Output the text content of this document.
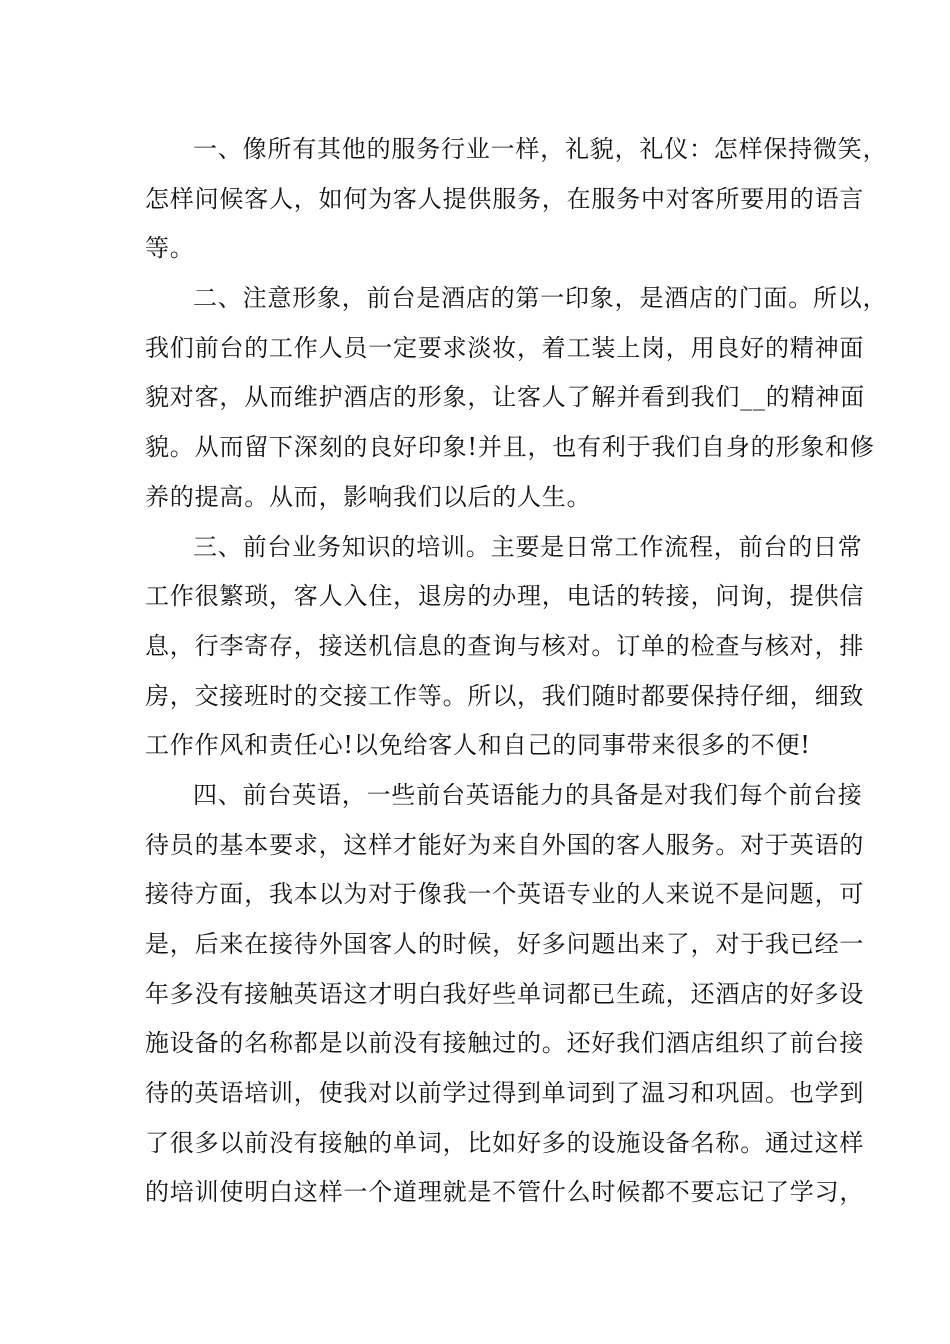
一、像所有其他的服务行业一样，礼貌，礼仪：怎样保持微笑，
怎样问候客人，如何为客人提供服务，在服务中对客所要用的语言
等。
二、注意形象，前台是酒店的第一印象，是酒店的门面。所以，
我们前台的工作人员一定要求淡妆，着工装上岗，用良好的精神面
貌对客，从而维护酒店的形象，让客人了解并看到我们__的精神面
貌。从而留下深刻的良好印象!并且，也有利于我们自身的形象和修
养的提高。从而，影响我们以后的人生。
三、前台业务知识的培训。主要是日常工作流程，前台的日常
工作很繁琐，客人入住，退房的办理，电话的转接，问询，提供信
息，行李寄存，接送机信息的查询与核对。订单的检查与核对，排
房，交接班时的交接工作等。所以，我们随时都要保持仔细，细致
工作作风和责任心!以免给客人和自己的同事带来很多的不便!
四、前台英语，一些前台英语能力的具备是对我们每个前台接
待员的基本要求，这样才能好为来自外国的客人服务。对于英语的
接待方面，我本以为对于像我一个英语专业的人来说不是问题，可
是，后来在接待外国客人的时候，好多问题出来了，对于我已经一
年多没有接触英语这才明白我好些单词都已生疏，还酒店的好多设
施设备的名称都是以前没有接触过的。还好我们酒店组织了前台接
待的英语培训，使我对以前学过得到单词到了温习和巩固。也学到
了很多以前没有接触的单词，比如好多的设施设备名称。通过这样
的培训使明白这样一个道理就是不管什么时候都不要忘记了学习，
